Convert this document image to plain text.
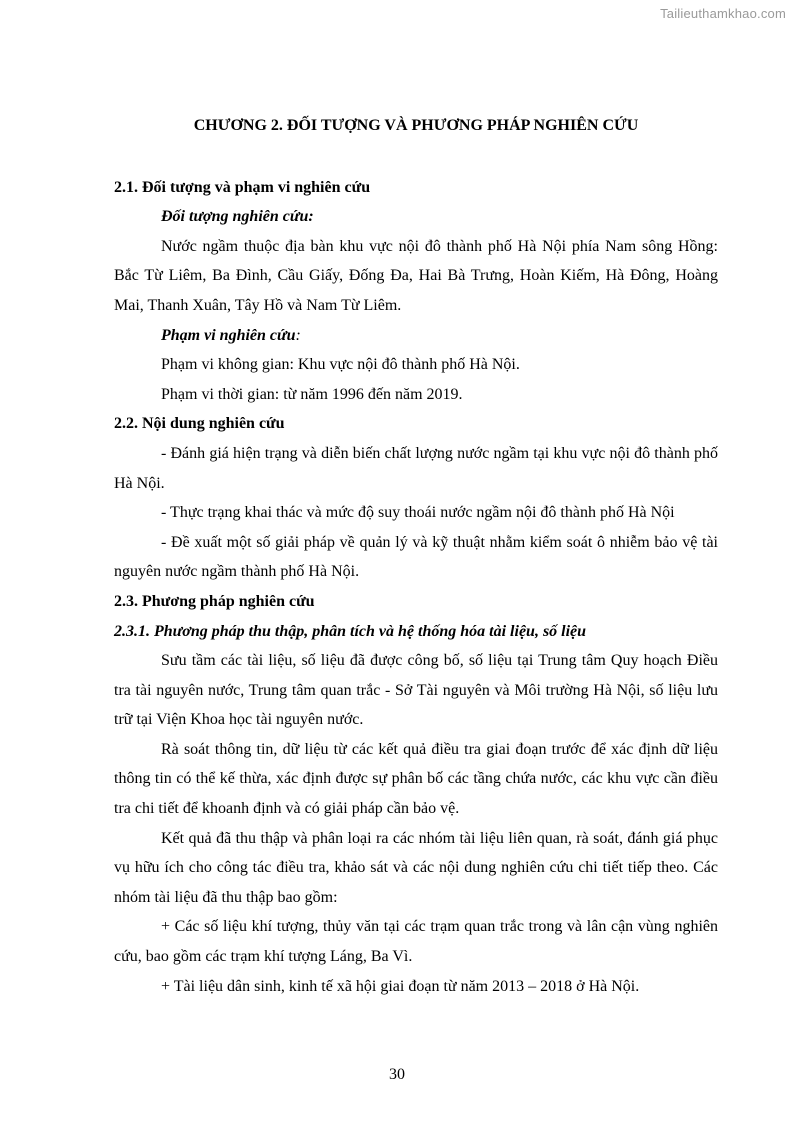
Tailieuthamkhao.com
CHƯƠNG 2. ĐỐI TƯỢNG VÀ PHƯƠNG PHÁP NGHIÊN CỨU
2.1. Đối tượng và phạm vi nghiên cứu

Đối tượng nghiên cứu:

Nước ngầm thuộc địa bàn khu vực nội đô thành phố Hà Nội phía Nam sông Hồng: Bắc Từ Liêm, Ba Đình, Cầu Giấy, Đống Đa, Hai Bà Trưng, Hoàn Kiếm, Hà Đông, Hoàng Mai, Thanh Xuân, Tây Hồ và Nam Từ Liêm.

Phạm vi nghiên cứu:

Phạm vi không gian: Khu vực nội đô thành phố Hà Nội.

Phạm vi thời gian: từ năm 1996 đến năm 2019.

2.2. Nội dung nghiên cứu

- Đánh giá hiện trạng và diễn biến chất lượng nước ngầm tại khu vực nội đô thành phố Hà Nội.

- Thực trạng khai thác và mức độ suy thoái nước ngầm nội đô thành phố Hà Nội

- Đề xuất một số giải pháp về quản lý và kỹ thuật nhằm kiểm soát ô nhiễm bảo vệ tài nguyên nước ngầm thành phố Hà Nội.

2.3. Phương pháp nghiên cứu
2.3.1. Phương pháp thu thập, phân tích và hệ thống hóa tài liệu, số liệu

Sưu tầm các tài liệu, số liệu đã được công bố, số liệu tại Trung tâm Quy hoạch Điều tra tài nguyên nước, Trung tâm quan trắc - Sở Tài nguyên và Môi trường Hà Nội, số liệu lưu trữ tại Viện Khoa học tài nguyên nước.

Rà soát thông tin, dữ liệu từ các kết quả điều tra giai đoạn trước để xác định dữ liệu thông tin có thể kế thừa, xác định được sự phân bố các tầng chứa nước, các khu vực cần điều tra chi tiết để khoanh định và có giải pháp cần bảo vệ.

Kết quả đã thu thập và phân loại ra các nhóm tài liệu liên quan, rà soát, đánh giá phục vụ hữu ích cho công tác điều tra, khảo sát và các nội dung nghiên cứu chi tiết tiếp theo. Các nhóm tài liệu đã thu thập bao gồm:

+ Các số liệu khí tượng, thủy văn tại các trạm quan trắc trong và lân cận vùng nghiên cứu, bao gồm các trạm khí tượng Láng, Ba Vì.

+ Tài liệu dân sinh, kinh tế xã hội giai đoạn từ năm 2013 – 2018 ở Hà Nội.

30
